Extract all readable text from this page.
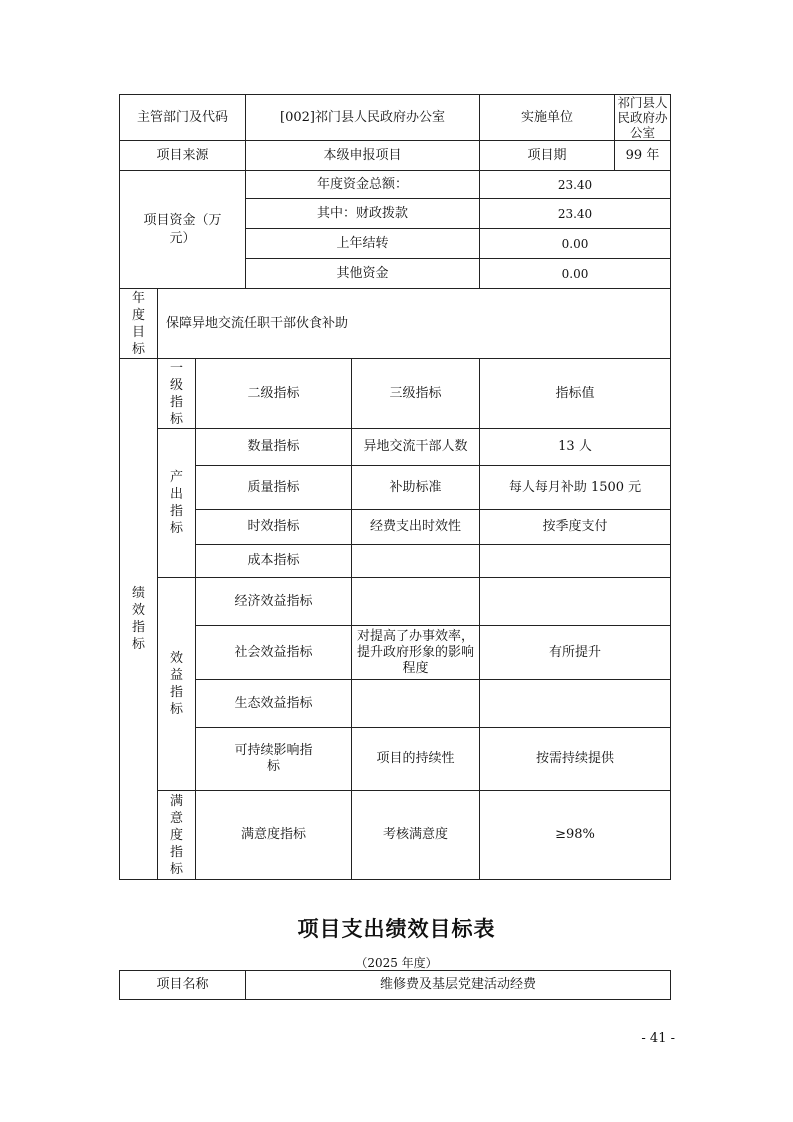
主管部门及代码			[002]祁门县人民政府办公室		实施单位	祁门县人民政府办公室
项目来源			本级申报项目		项目期	99 年

项目资金（万元）			年度资金总额：		23.40	
			其中：财政拨款		23.40	
			上年结转		0.00	
			其他资金		0.00	

年度目标	保障异地交流任职干部伙食补助					

绩效指标	一级指标	二级指标		三级指标	指标值	

	产出指标	数量指标		异地交流干部人数	13 人	
		质量指标		补助标准	每人每月补助 1500 元	
		时效指标		经费支出时效性	按季度支付	
		成本指标				

	效益指标	经济效益指标				
		社会效益指标		对提高了办事效率，提升政府形象的影响程度	有所提升	
		生态效益指标				

		可持续影响指标		项目的持续性	按需持续提供	

	满意度指标	满意度指标		考核满意度	≥98%	
项目支出绩效目标表
（2025 年度）
项目名称	维修费及基层党建活动经费
- 41 -
